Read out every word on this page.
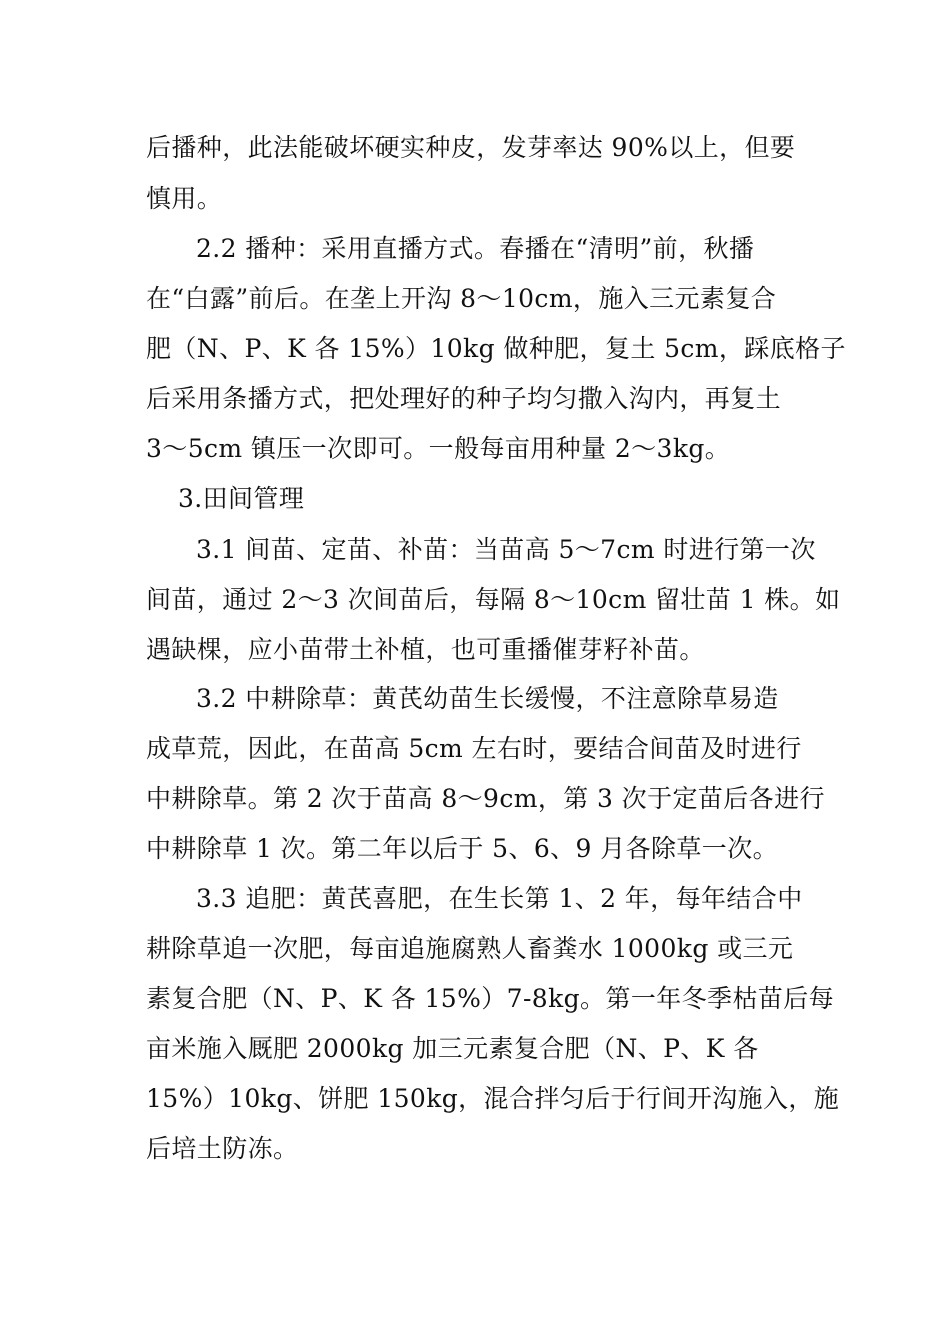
后播种，此法能破坏硬实种皮，发芽率达 90%以上，但要
慎用。
2.2 播种：采用直播方式。春播在“清明”前，秋播
在“白露”前后。在垄上开沟 8～10cm，施入三元素复合
肥（N、P、K 各 15%）10kg 做种肥，复土 5cm，踩底格子
后采用条播方式，把处理好的种子均匀撒入沟内，再复土
3～5cm 镇压一次即可。一般每亩用种量 2～3kg。
3.田间管理
3.1 间苗、定苗、补苗：当苗高 5～7cm 时进行第一次
间苗，通过 2～3 次间苗后，每隔 8～10cm 留壮苗 1 株。如
遇缺棵，应小苗带土补植，也可重播催芽籽补苗。
3.2 中耕除草：黄芪幼苗生长缓慢，不注意除草易造
成草荒，因此，在苗高 5cm 左右时，要结合间苗及时进行
中耕除草。第 2 次于苗高 8～9cm，第 3 次于定苗后各进行
中耕除草 1 次。第二年以后于 5、6、9 月各除草一次。
3.3 追肥：黄芪喜肥，在生长第 1、2 年，每年结合中
耕除草追一次肥，每亩追施腐熟人畜粪水 1000kg 或三元
素复合肥（N、P、K 各 15%）7-8kg。第一年冬季枯苗后每
亩米施入厩肥 2000kg 加三元素复合肥（N、P、K 各
15%）10kg、饼肥 150kg，混合拌匀后于行间开沟施入，施
后培土防冻。
